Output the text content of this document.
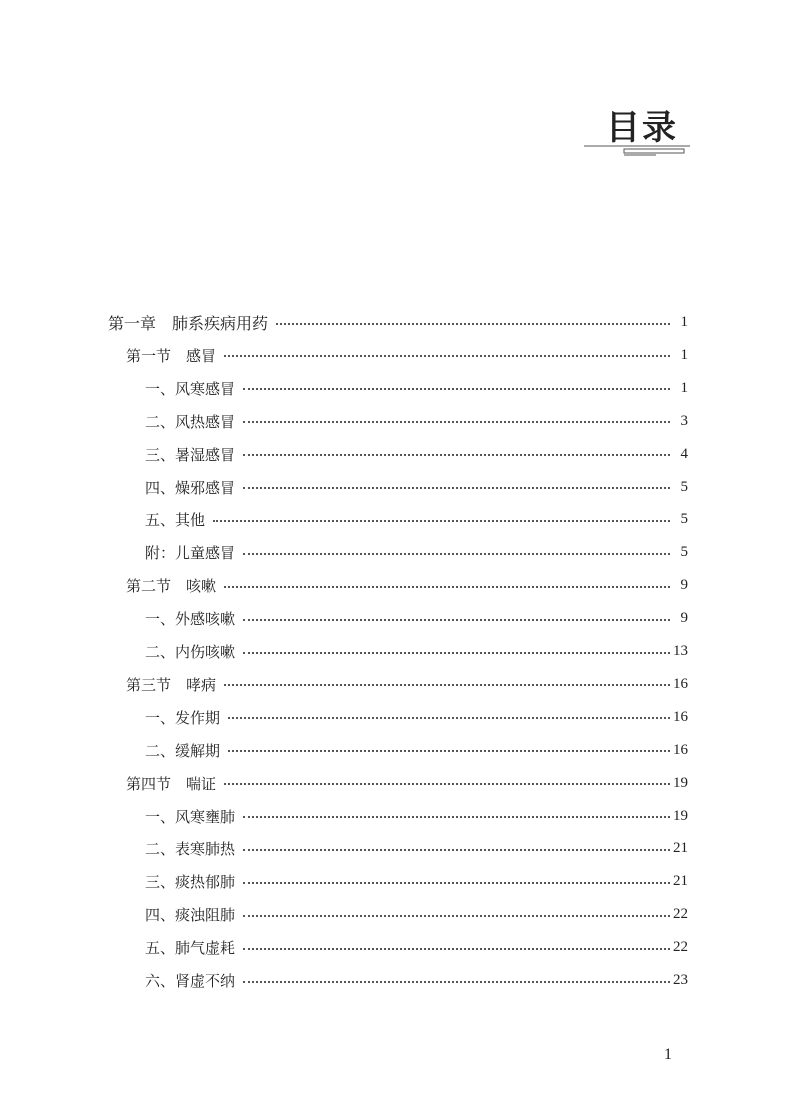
目录
第一章　肺系疾病用药	1
第一节　感冒	1
一、风寒感冒	1
二、风热感冒	3
三、暑湿感冒	4
四、燥邪感冒	5
五、其他	5
附：儿童感冒	5
第二节　咳嗽	9
一、外感咳嗽	9
二、内伤咳嗽	13
第三节　哮病	16
一、发作期	16
二、缓解期	16
第四节　喘证	19
一、风寒壅肺	19
二、表寒肺热	21
三、痰热郁肺	21
四、痰浊阻肺	22
五、肺气虚耗	22
六、肾虚不纳	23
1
